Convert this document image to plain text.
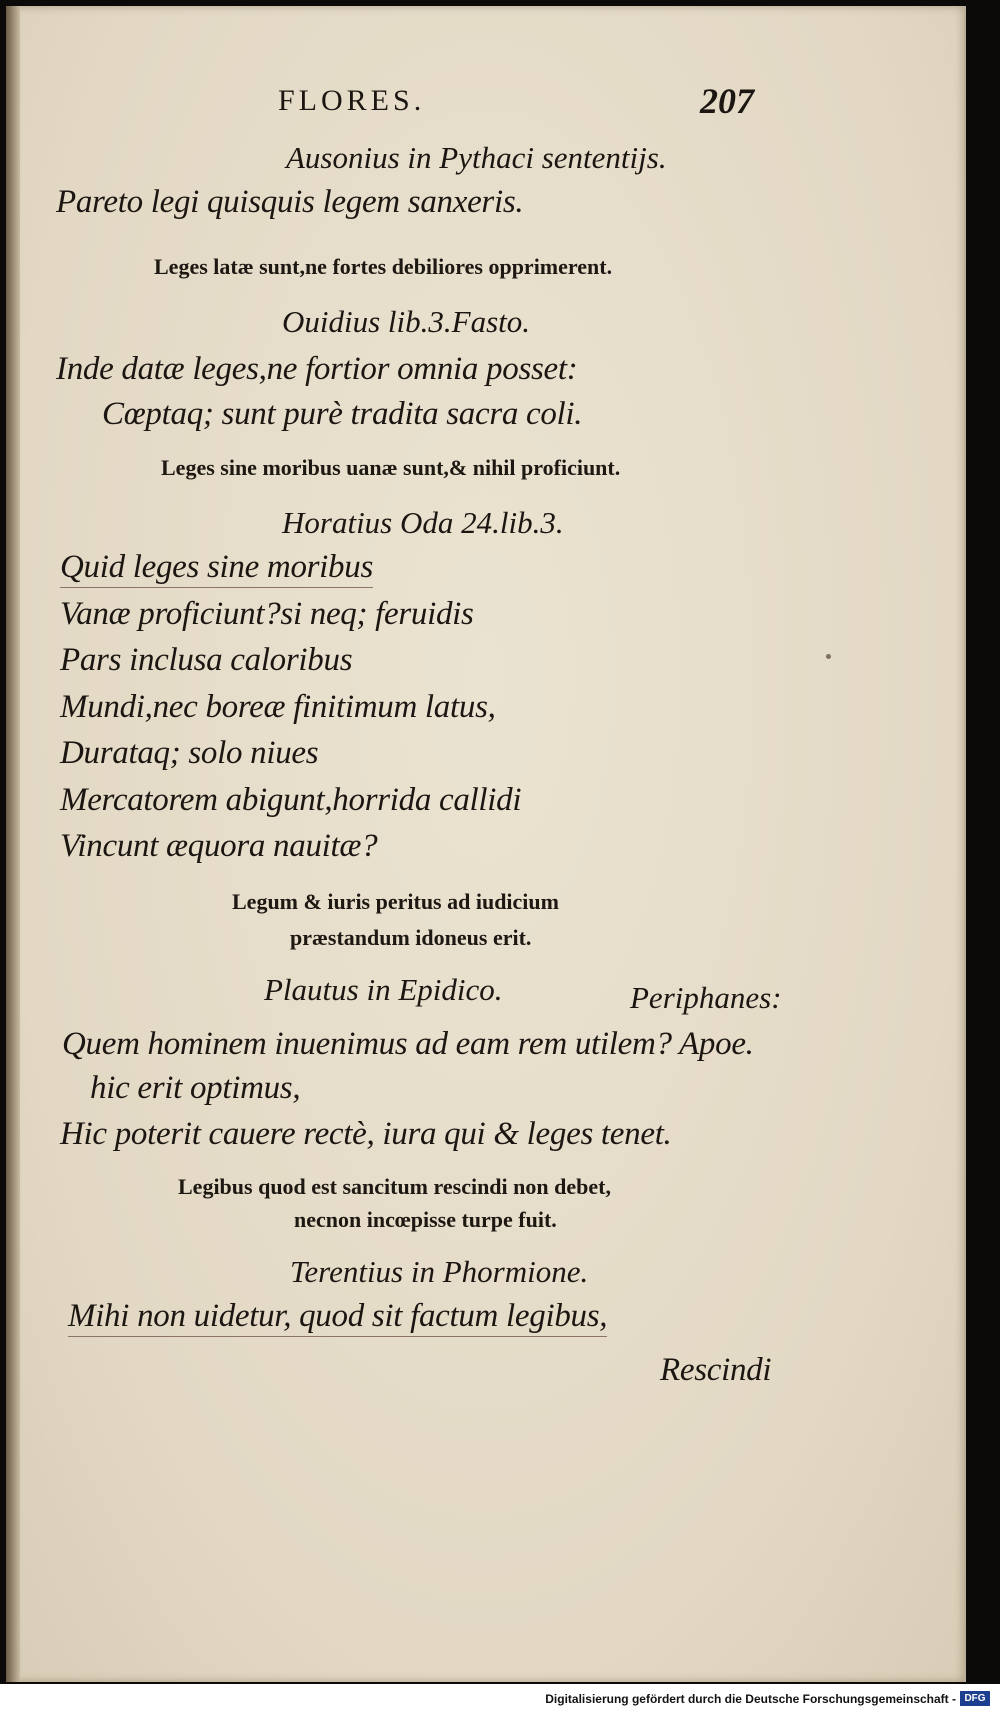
FLORES.	207
Ausonius in Pythaci sententijs.
Pareto legi quisquis legem sanxeris.
Leges latæ sunt,ne fortes debiliores opprimerent.
Ouidius lib.3.Fasto.
Inde datæ leges,ne fortior omnia posset:
Cœptaq; sunt purè tradita sacra coli.
Leges sine moribus uanæ sunt,& nihil proficiunt.
Horatius Oda 24.lib.3.
Quid leges sine moribus
Vanæ proficiunt?si neq; feruidis
Pars inclusa caloribus
Mundi,nec boreæ finitimum latus,
Durataq; solo niues
Mercatorem abigunt,horrida callidi
Vincunt æquora nauitæ?
Legum & iuris peritus ad iudicium
præstandum idoneus erit.
Plautus in Epidico.	Periphanes:
Quem hominem inuenimus ad eam rem utilem? Apoe.
hic erit optimus,
Hic poterit cauere rectè, iura qui & leges tenet.
Legibus quod est sancitum rescindi non debet,
necnon incœpisse turpe fuit.
Terentius in Phormione.
Mihi non uidetur, quod sit factum legibus,
Rescindi
Digitalisierung gefördert durch die Deutsche Forschungsgemeinschaft - DFG
